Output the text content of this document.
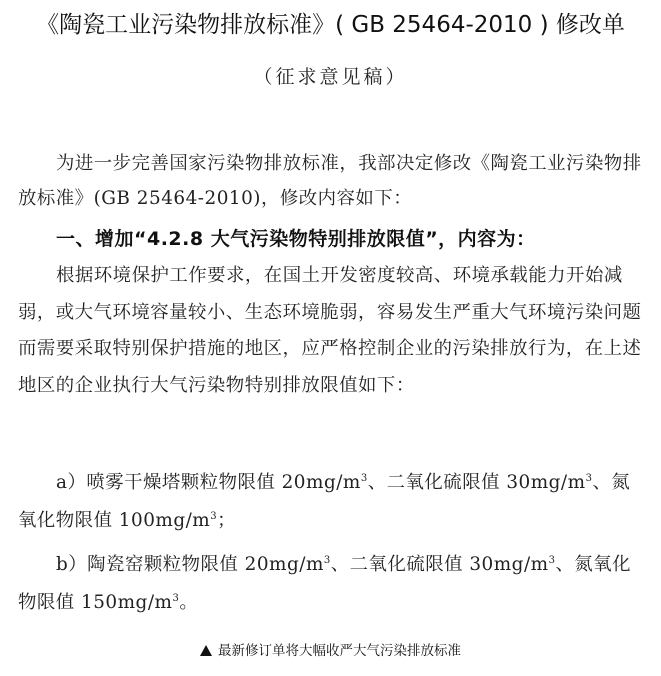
《陶瓷工业污染物排放标准》( GB 25464-2010 ) 修改单
（征求意见稿）
为进一步完善国家污染物排放标准，我部决定修改《陶瓷工业污染物排放标准》(GB 25464-2010)，修改内容如下：
一、增加“4.2.8 大气污染物特别排放限值”，内容为：
根据环境保护工作要求，在国土开发密度较高、环境承载能力开始减弱，或大气环境容量较小、生态环境脆弱，容易发生严重大气环境污染问题而需要采取特别保护措施的地区，应严格控制企业的污染排放行为，在上述地区的企业执行大气污染物特别排放限值如下：
a）喷雾干燥塔颗粒物限值 $20mg/m^3$、二氧化硫限值 $30mg/m^3$、氮氧化物限值 $100mg/m^3$；
b）陶瓷窑颗粒物限值 $20mg/m^3$、二氧化硫限值 $30mg/m^3$、氮氧化物限值 $150mg/m^3$。
最新修订单将大幅收严大气污染排放标准
